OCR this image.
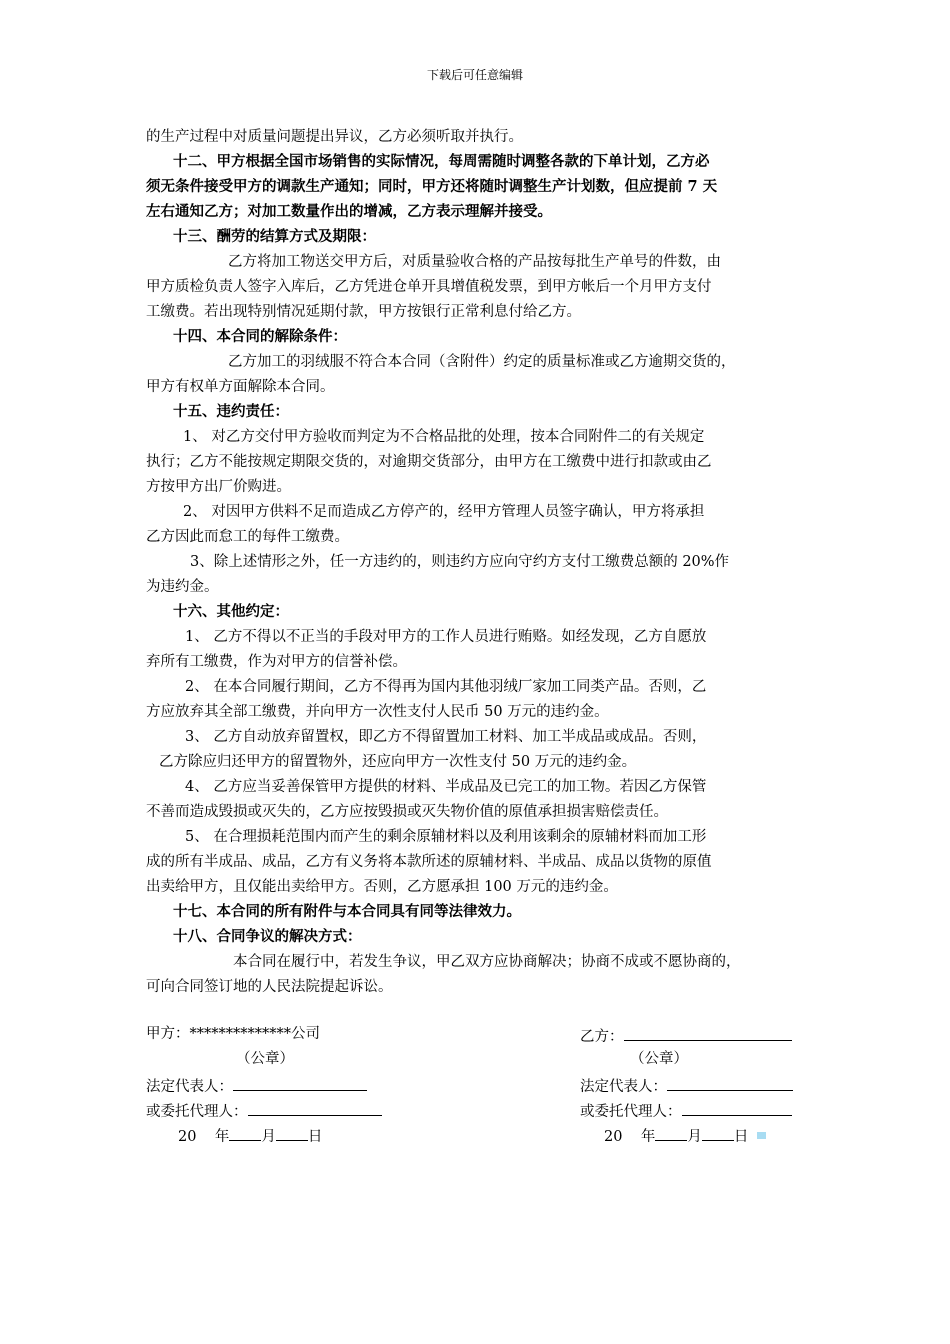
下载后可任意编辑
的生产过程中对质量问题提出异议，乙方必须听取并执行。
十二、甲方根据全国市场销售的实际情况，每周需随时调整各款的下单计划，乙方必
须无条件接受甲方的调款生产通知；同时，甲方还将随时调整生产计划数，但应提前 7 天
左右通知乙方；对加工数量作出的增减，乙方表示理解并接受。
十三、酬劳的结算方式及期限：
乙方将加工物送交甲方后，对质量验收合格的产品按每批生产单号的件数，由
甲方质检负责人签字入库后，乙方凭进仓单开具增值税发票，到甲方帐后一个月甲方支付
工缴费。若出现特别情况延期付款，甲方按银行正常利息付给乙方。
十四、本合同的解除条件：
乙方加工的羽绒服不符合本合同（含附件）约定的质量标准或乙方逾期交货的，
甲方有权单方面解除本合同。
十五、违约责任：
1、 对乙方交付甲方验收而判定为不合格品批的处理，按本合同附件二的有关规定
执行；乙方不能按规定期限交货的，对逾期交货部分，由甲方在工缴费中进行扣款或由乙
方按甲方出厂价购进。
2、 对因甲方供料不足而造成乙方停产的，经甲方管理人员签字确认，甲方将承担
乙方因此而怠工的每件工缴费。
3、除上述情形之外，任一方违约的，则违约方应向守约方支付工缴费总额的 20%作
为违约金。
十六、其他约定：
1、 乙方不得以不正当的手段对甲方的工作人员进行贿赂。如经发现，乙方自愿放
弃所有工缴费，作为对甲方的信誉补偿。
2、 在本合同履行期间，乙方不得再为国内其他羽绒厂家加工同类产品。否则，乙
方应放弃其全部工缴费，并向甲方一次性支付人民币 50 万元的违约金。
3、 乙方自动放弃留置权，即乙方不得留置加工材料、加工半成品或成品。否则，
乙方除应归还甲方的留置物外，还应向甲方一次性支付 50 万元的违约金。
4、 乙方应当妥善保管甲方提供的材料、半成品及已完工的加工物。若因乙方保管
不善而造成毁损或灭失的，乙方应按毁损或灭失物价值的原值承担损害赔偿责任。
5、 在合理损耗范围内而产生的剩余原辅材料以及利用该剩余的原辅材料而加工形
成的所有半成品、成品，乙方有义务将本款所述的原辅材料、半成品、成品以货物的原值
出卖给甲方，且仅能出卖给甲方。否则，乙方愿承担 100 万元的违约金。
十七、本合同的所有附件与本合同具有同等法律效力。
十八、合同争议的解决方式：
本合同在履行中，若发生争议，甲乙双方应协商解决；协商不成或不愿协商的，
可向合同签订地的人民法院提起诉讼。
甲方：**************公司
（公章）
法定代表人：
或委托代理人：
20 年 月 日
乙方：
（公章）
法定代表人：
或委托代理人：
20 年 月 日
